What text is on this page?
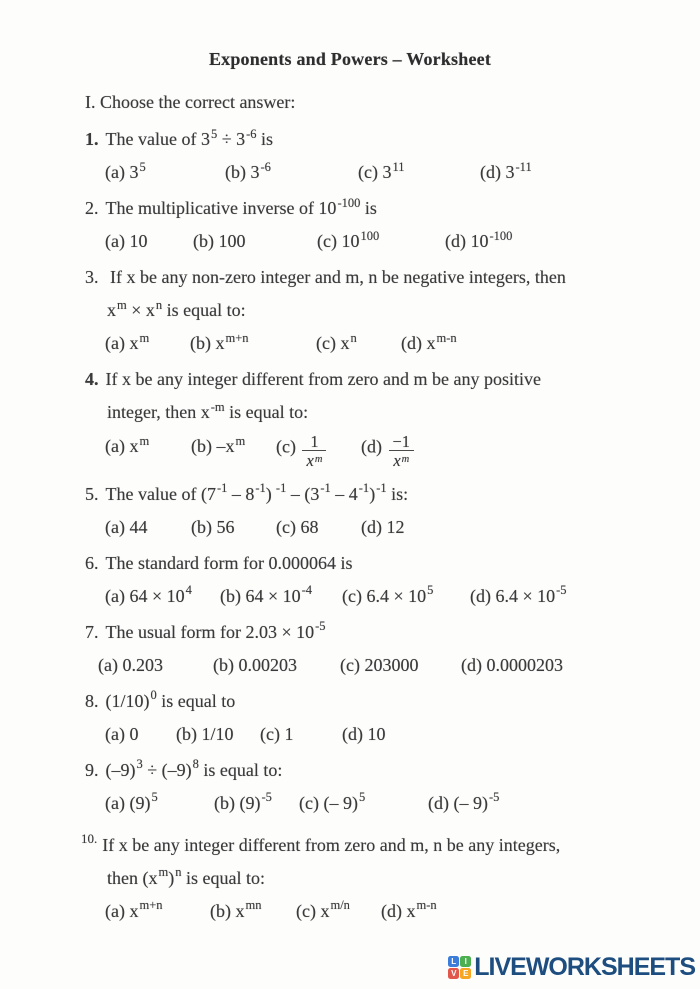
Exponents and Powers – Worksheet
I. Choose the correct answer:
1. The value of $3^5 \div 3^{-6}$ is
(a) $3^5$	(b) $3^{-6}$	(c) $3^{11}$	(d) $3^{-11}$
2. The multiplicative inverse of $10^{-100}$ is
(a) 10	(b) 100	(c) $10^{100}$	(d) $10^{-100}$
3. If x be any non-zero integer and m, n be negative integers, then
$x^m \times x^n$ is equal to:
(a) $x^m$ (b) $x^{m+n}$	(c) $x^n$ (d) $x^{m-n}$
4. If x be any integer different from zero and m be any positive
integer, then $x^{-m}$ is equal to:
(a) $x^m$ (b) $-x^m$ $(c) \frac{1}{x^m} (d) \frac{-1}{x^m}$
5. The value of $(7^{-1} - 8^{-1})$ $^{-1} - (3^{-1} - 4^{-1})^{-1}$ is:
(a) 44 (b) 56 (c) 68 (d) 12
6. The standard form for 0.000064 is
(a) $64 \times 10^4$ (b) $64 \times 10^{-4}$ (c) $6.4 \times 10^5$ (d) $6.4 \times 10^{-5}$
7. The usual form for $2.03 \times 10^{-5}$
(a) 0.203	(b) 0.00203 (c) 203000 (d) 0.0000203
8. $(1/10)^0$ is equal to
(a) 0 (b) 1/10 (c) 1	(d) 10
9. $(-9)^3 \div (-9)^8$ is equal to:
(a) $(9)^5$	(b) $(9)^{-5}$ (c) (– 9)$^5$	(d) (– 9)$^{-5}$
$^{10.}$ If x be any integer different from zero and m, n be any integers,
then $(x^m)^n$ is equal to:
(a) $x^{m+n}$	(b) $x^{mn}$ (c) $x^{m/n}$ (d) $x^{m-n}$
L	I
V E LIVEWORKSHEETS
